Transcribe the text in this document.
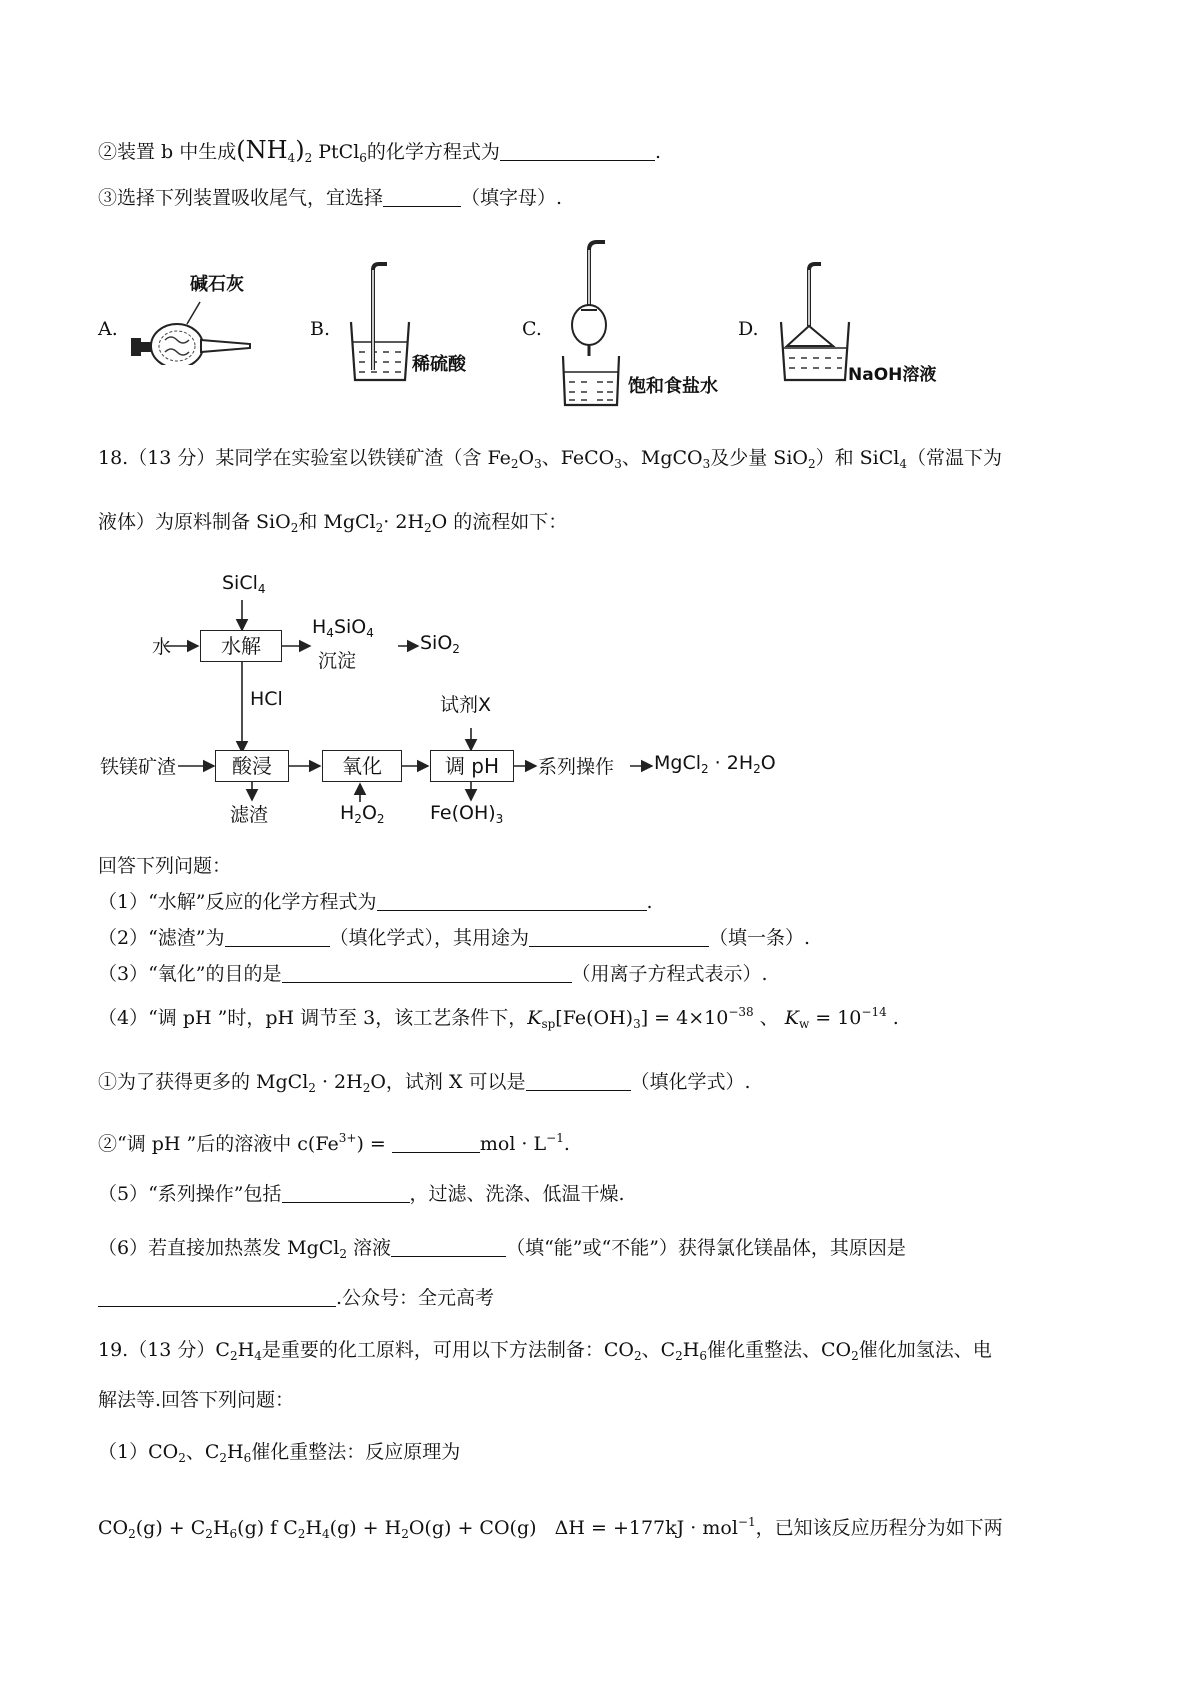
②装置 b 中生成$(NH_4)_2$ PtCl$_6$的化学方程式为	.
③选择下列装置吸收尾气，宜选择	（填字母）.
A.
碱石灰
B.
稀硫酸
C.
饱和食盐水
D.
NaOH溶液
18.（13 分）某同学在实验室以铁镁矿渣（含 $Fe_2O_3$、FeCO$_3$、MgCO$_3$及少量 SiO$_2$）和 SiCl$_4$（常温下为
液体）为原料制备 SiO$_2$和 MgCl$_2$· $2H_2O$ 的流程如下：
SiCl$_4$
水	水解
$H_4SiO_4$
沉淀
SiO$_2$
HCl	试剂X
铁镁矿渣	酸浸	氧化	调 pH	系列操作 MgCl$_2$ · $2H_2O$
滤渣	$H_2O_2$ $Fe(OH)_3$
回答下列问题：
（1）“水解”反应的化学方程式为	.
（2）“滤渣”为	（填化学式），其用途为	（填一条）.
（3）“氧化”的目的是	（用离子方程式表示）.
（4）“调 pH ”时，pH 调节至 3，该工艺条件下，$K_{sp}[Fe(OH)_3] = 4\times 10^{-38}$ 、 $K_w = 10^{-14}$ .
①为了获得更多的 MgCl$_2$ · $2H_2O$，试剂 X 可以是	（填化学式）.
②“调 pH ”后的溶液中 $c(Fe^{3+})$ =	mol · $L^{-1}$.
（5）“系列操作”包括	，过滤、洗涤、低温干燥.
（6）若直接加热蒸发 MgCl$_2$ 溶液	（填“能”或“不能”）获得氯化镁晶体，其原因是
.公众号：全元高考
19.（13 分）$C_2H_4$是重要的化工原料，可用以下方法制备：$CO_2$、$C_2H_6$催化重整法、$CO_2$催化加氢法、电
解法等.回答下列问题：
$(1)CO_2$、$C_2H_6$催化重整法：反应原理为
$CO_2(g) + C_2H_6(g)$ f $C_2H_4(g) + H_2O(g) + CO(g) \Delta H = +177kJ \cdot mol^{-1}$，已知该反应历程分为如下两
